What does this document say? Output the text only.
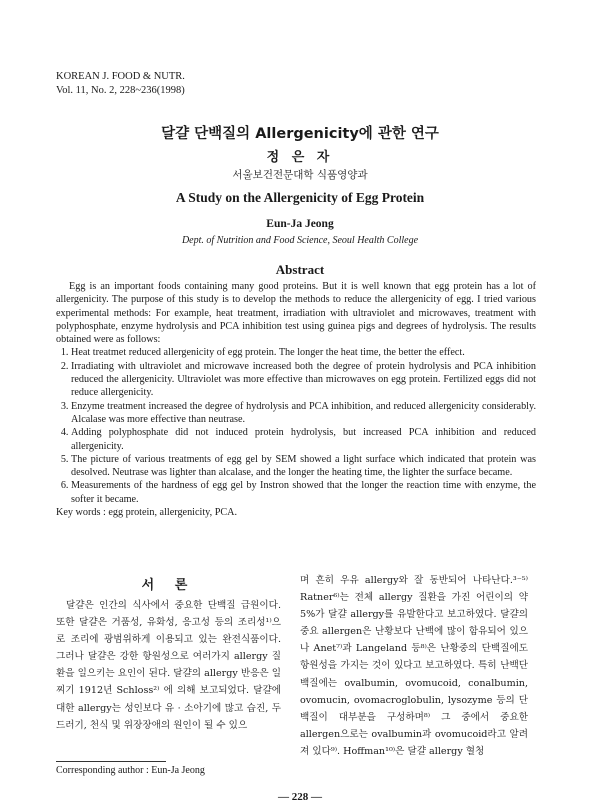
KOREAN J. FOOD & NUTR.
Vol. 11, No. 2, 228~236(1998)
달걀 단백질의 Allergenicity에 관한 연구
정 은 자
서울보건전문대학 식품영양과
A Study on the Allergenicity of Egg Protein
Eun-Ja Jeong
Dept. of Nutrition and Food Science, Seoul Health College
Abstract

Egg is an important foods containing many good proteins. But it is well known that egg protein has a lot of allergenicity. The purpose of this study is to develop the methods to reduce the allergenicity of egg. I tried various experimental methods: For example, heat treatment, irradiation with ultraviolet and microwaves, treatment with polyphosphate, enzyme hydrolysis and PCA inhibition test using guinea pigs and degrees of hydrolysis. The results obtained were as follows:

1. Heat treatmet reduced allergenicity of egg protein. The longer the heat time, the better the effect.
2. Irradiating with ultraviolet and microwave increased both the degree of protein hydrolysis and PCA inhibition reduced the allergenicity. Ultraviolet was more effective than microwaves on egg protein. Fertilized eggs did not reduce allergenicity.
3. Enzyme treatment increased the degree of hydrolysis and PCA inhibition, and reduced allergenicity considerably. Alcalase was more effective than neutrase.
4. Adding polyphosphate did not induced protein hydrolysis, but increased PCA inhibition and reduced allergenicity.
5. The picture of various treatments of egg gel by SEM showed a light surface which indicated that protein was desolved. Neutrase was lighter than alcalase, and the longer the heating time, the lighter the surface became.
6. Measurements of the hardness of egg gel by Instron showed that the longer the reaction time with enzyme, the softer it became.
Key words : egg protein, allergenicity, PCA.
서 론

달걀은 인간의 식사에서 중요한 단백질 급원이다. 또한 달걀은 거품성, 유화성, 응고성 등의 조리성¹⁾으로 조리에 광범위하게 이용되고 있는 완전식품이다. 그러나 달걀은 강한 항원성으로 여러가지 allergy 질환을 일으키는 요인이 된다. 달걀의 allergy 반응은 일찌기 1912년 Schloss²⁾ 에 의해 보고되었다. 달걀에 대한 allergy는 성인보다 유 · 소아기에 많고 습진, 두드러기, 천식 및 위장장애의 원인이 될 수 있으

며 흔히 우유 allergy와 잘 동반되어 나타난다.³⁻⁵⁾ Ratner⁶⁾는 전체 allergy 질환을 가진 어린이의 약 5%가 달걀 allergy를 유발한다고 보고하였다. 달걀의 중요 allergen은 난황보다 난백에 많이 함유되어 있으나 Anet⁷⁾과 Langeland 등⁸⁾은 난황중의 단백질에도 항원성을 가지는 것이 있다고 보고하였다. 특히 난백단백질에는 ovalbumin, ovomucoid, conalbumin, ovomucin, ovomacroglobulin, lysozyme 등의 단백질이 대부분을 구성하며⁸⁾ 그 중에서 중요한 allergen으로는 ovalbumin과 ovomucoid라고 알려져 있다⁹⁾. Hoffman¹⁰⁾은 달걀 allergy 혈청

Corresponding author : Eun-Ja Jeong
— 228 —
